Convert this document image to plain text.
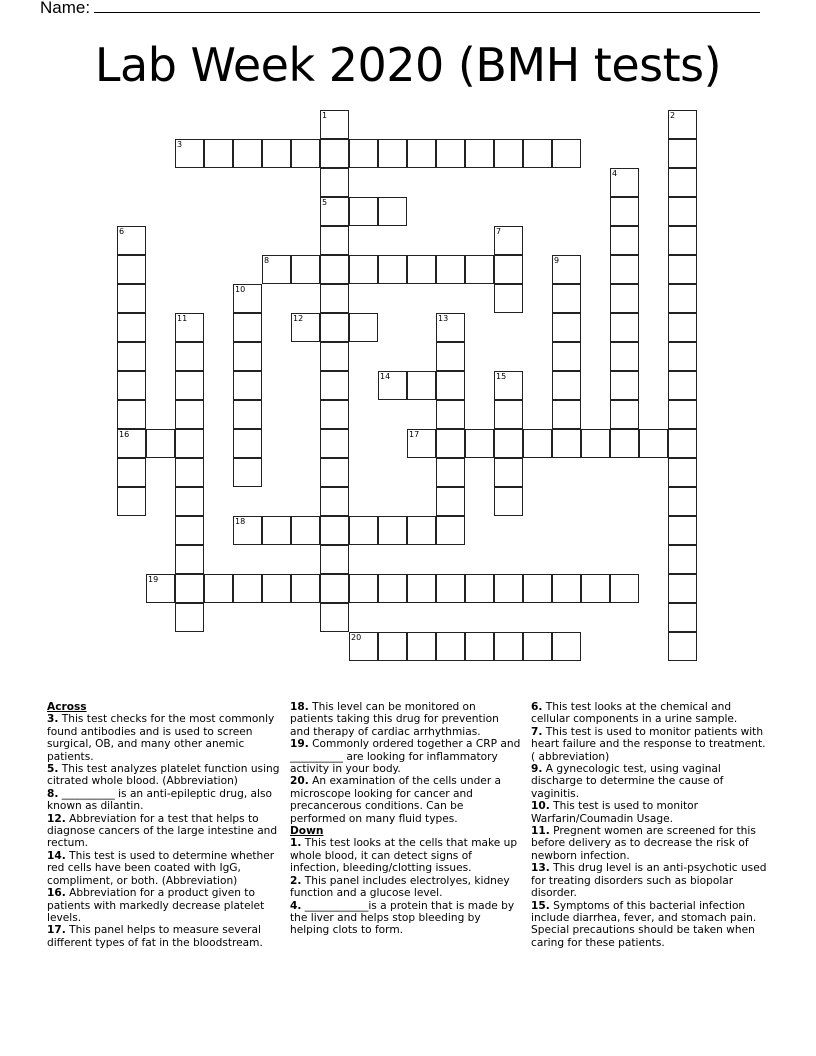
Name:
Lab Week 2020 (BMH tests)
1
5
2
3
4
6
16
7
8	9
10
11	12	13
14	15
17
18
19
20
Across
3. This test checks for the most commonly found antibodies and is used to screen surgical, OB, and many other anemic patients.
5. This test analyzes platelet function using citrated whole blood. (Abbreviation)
8. __________ is an anti-epileptic drug, also known as dilantin.
12. Abbreviation for a test that helps to diagnose cancers of the large intestine and rectum.
14. This test is used to determine whether red cells have been coated with IgG, compliment, or both. (Abbreviation)
16. Abbreviation for a product given to patients with markedly decrease platelet levels.
17. This panel helps to measure several different types of fat in the bloodstream.
18. This level can be monitored on patients taking this drug for prevention and therapy of cardiac arrhythmias.
19. Commonly ordered together a CRP and __________ are looking for inflammatory activity in your body.
20. An examination of the cells under a microscope looking for cancer and precancerous conditions. Can be performed on many fluid types.
Down
1. This test looks at the cells that make up whole blood, it can detect signs of infection, bleeding/clotting issues.
2. This panel includes electrolyes, kidney function and a glucose level.
4. ____________is a protein that is made by the liver and helps stop bleeding by helping clots to form.
6. This test looks at the chemical and cellular components in a urine sample.
7. This test is used to monitor patients with heart failure and the response to treatment. ( abbreviation)
9. A gynecologic test, using vaginal discharge to determine the cause of vaginitis.
10. This test is used to monitor Warfarin/Coumadin Usage.
11. Pregnent women are screened for this before delivery as to decrease the risk of newborn infection.
13. This drug level is an anti-psychotic used for treating disorders such as biopolar disorder.
15. Symptoms of this bacterial infection include diarrhea, fever, and stomach pain. Special precautions should be taken when caring for these patients.
